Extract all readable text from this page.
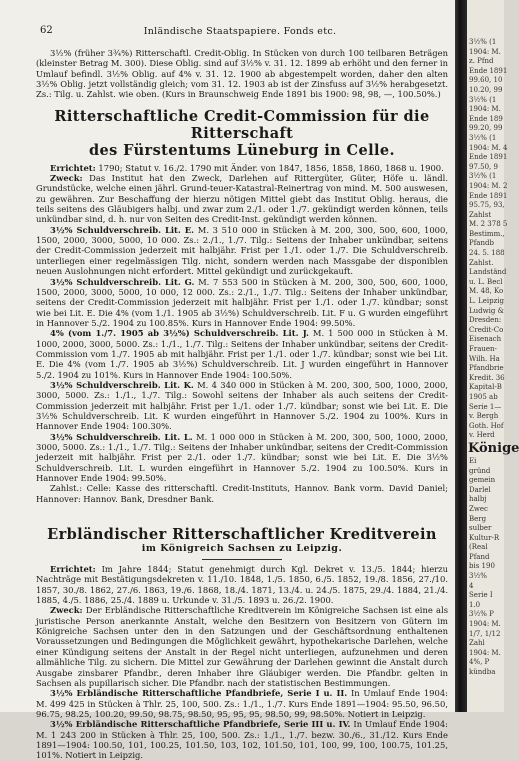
62	Inländische Staatspapiere. Fonds etc.

3½% (früher 3¾%) Ritterschaftl. Credit-Oblig. In Stücken von durch 100 teilbaren Beträgen (kleinster Betrag M. 300). Diese Oblig. sind auf 3½% v. 31. 12. 1899 ab erhöht und den ferner in Umlauf befindl. 3½% Oblig. auf 4% v. 31. 12. 1900 ab abgestempelt worden, daher den alten 3½% Oblig. jetzt vollständig gleich; vom 31. 12. 1903 ab ist der Zinsfuss auf 3½% herabgesetzt. Zs.: Tilg. u. Zahlst. wie oben. (Kurs in Braunschweig Ende 1891 bis 1900: 98, 98, —, 100.50%.)

Ritterschaftliche Credit-Commission für die Ritterschaft
des Fürstentums Lüneburg in Celle.

Errichtet: 1790; Statut v. 16./2. 1790 mit Änder. von 1847, 1856, 1858, 1860, 1868 u. 1900.

Zweck: Das Institut hat den Zweck, Darlehen auf Rittergüter, Güter, Höfe u. ländl. Grundstücke, welche einen jährl. Grund-teuer-Katastral-Reinertrag von mind. M. 500 auswesen, zu gewähren. Zur Beschaffung der hierzu nötigen Mittel giebt das Institut Oblig. heraus, die teils seitens des Gläubigers halbj. und zwar zum 2./1. oder 1./7. gekündigt werden können, teils unkündbar sind, d. h. nur von Seiten des Credit-Inst. gekündigt werden können.

3½% Schuldverschreib. Lit. E. M. 3 510 000 in Stücken à M. 200, 300, 500, 600, 1000, 1500, 2000, 3000, 5000, 10 000. Zs.: 2./1., 1./7. Tilg.: Seitens der Inhaber unkündbar, seitens der Credit-Commission jederzeit mit halbjähr. Frist per 1./1. oder 1./7. Die Schuldverschreib. unterliegen einer regelmässigen Tilg. nicht, sondern werden nach Massgabe der disponiblen neuen Auslohnungen nicht erfordert. Mittel gekündigt und zurückgekauft.

3½% Schuldverschreib. Lit. G. M. 7 553 500 in Stücken à M. 200, 300, 500, 600, 1000, 1500, 2000, 3000, 5000, 10 000, 12 000. Zs.: 2./1., 1./7. Tilg.: Seitens der Inhaber unkündbar, seitens der Credit-Commission jederzeit mit halbjähr. Frist per 1./1. oder 1./7. kündbar; sonst wie bei Lit. E. Die 4% (vom 1./1. 1905 ab 3½%) Schuldverschreib. Lit. F u. G wurden eingeführt in Hannover 5./2. 1904 zu 100.85%. Kurs in Hannover Ende 1904: 99.50%.

4% (vom 1./7. 1905 ab 3½%) Schuldverschreib. Lit. J. M. 1 500 000 in Stücken à M. 1000, 2000, 3000, 5000. Zs.: 1./1., 1./7. Tilg.: Seitens der Inhaber unkündbar, seitens der Credit-Commission vom 1./7. 1905 ab mit halbjähr. Frist per 1./1. oder 1./7. kündbar; sonst wie bei Lit. E. Die 4% (vom 1./7. 1905 ab 3½%) Schuldverschreib. Lit. J wurden eingeführt in Hannover 5./2. 1904 zu 101%. Kurs in Hannover Ende 1904: 100.50%.

3½% Schuldverschreib. Lit. K. M. 4 340 000 in Stücken à M. 200, 300, 500, 1000, 2000, 3000, 5000. Zs.: 1./1., 1./7. Tilg.: Sowohl seitens der Inhaber als auch seitens der Credit-Commission jederzeit mit halbjähr. Frist per 1./1. oder 1./7. kündbar; sonst wie bei Lit. E. Die 3½% Schuldverschreib. Lit. K wurden eingeführt in Hannover 5./2. 1904 zu 100%. Kurs in Hannover Ende 1904: 100.30%.

3½% Schuldverschreib. Lit. L. M. 1 000 000 in Stücken à M. 200, 300, 500, 1000, 2000, 3000, 5000. Zs.: 1./1., 1./7. Tilg.: Seitens der Inhaber unkündbar, seitens der Credit-Commission jederzeit mit halbjähr. Frist per 2./1. oder 1./7. kündbar; sonst wie bei Lit. E. Die 3½% Schuldverschreib. Lit. L wurden eingeführt in Hannover 5./2. 1904 zu 100.50%. Kurs in Hannover Ende 1904: 99.50%.

Zahlst.: Celle: Kasse des ritterschaftl. Credit-Instituts, Hannov. Bank vorm. David Daniel; Hannover: Hannov. Bank, Dresdner Bank.

Erbländischer Ritterschaftlicher Kreditverein
im Königreich Sachsen zu Leipzig.

Errichtet: Im Jahre 1844; Statut genehmigt durch Kgl. Dekret v. 13./5. 1844; hierzu Nachträge mit Bestätigungsdekreten v. 11./10. 1848, 1./5. 1850, 6./5. 1852, 19./8. 1856, 27./10. 1857, 30./8. 1862, 27./6. 1863, 19./6. 1868, 18./4. 1871, 13./4. u. 24./5. 1875, 29./4. 1884, 21./4. 1885, 4./5. 1886, 25./4. 1889 u. Urkunde v. 31./5. 1893 u. 26./2. 1900.

Zweck: Der Erbländische Ritterschaftliche Kreditverein im Königreiche Sachsen ist eine als juristische Person anerkannte Anstalt, welche den Besitzern von Besitzern von Gütern im Königreiche Sachsen unter den in den Satzungen und der Geschäftsordnung enthaltenen Voraussetzungen und Bedingungen die Möglichkeit gewährt, hypothekarische Darlehen, welche einer Kündigung seitens der Anstalt in der Regel nicht unterliegen, aufzunehmen und deren allmähliche Tilg. zu sichern. Die Mittel zur Gewährung der Darlehen gewinnt die Anstalt durch Ausgabe zinsbarer Pfandbr., deren Inhaber ihre Gläubiger werden. Die Pfandbr. gelten in Sachsen als pupillarisch sicher. Die Pfandbr. nach der statistischen Bestimmungen.

3½% Erbländische Ritterschaftliche Pfandbriefe, Serie I u. II. In Umlauf Ende 1904: M. 499 425 in Stücken à Thlr. 25, 100, 500. Zs.: 1./1., 1./7. Kurs Ende 1891—1904: 95.50, 96.50, 96.75, 98.25, 100.20, 99.50, 98.75, 98.50, 95, 95, 95, 98.50, 99, 98.50%. Notiert in Leipzig.

3½% Erbländische Ritterschaftliche Pfandbriefe, Serie III u. IV. In Umlauf Ende 1904: M. 1 243 200 in Stücken à Thlr. 25, 100, 500. Zs.: 1./1., 1./7. bezw. 30./6., 31./12. Kurs Ende 1891—1904: 100.50, 101, 100.25, 101.50, 103, 102, 101.50, 101, 100, 99, 100, 100.75, 101.25, 101%. Notiert in Leipzig.

3½% (1
1904: M.
z. Pfnd
Ende 1891
99.60, 10
10.20, 99
3½% (1
1904: M.
Ende 189
99.20, 99
3½% (1
1904: M. 4
Ende 1891
97.50, 9
3½% (1
1904: M. 2
Ende 1891
95.75, 93,
Zahlst
M. 2 378 5
Bestimm.,
Pfandb
24. 5. 188
Zahlst.
Landständ
u. L. Becl
M. 48, Ko
L. Leipzig
Ludwig &
Dresden:
Credit-Co
Eisenach
Frauen-
Wilh. Ha
Pfandbrie
Kredit. 36
Kapital-B
1905 ab
Serie 1—
v. Bergh
Goth. Hof
v. Herd
Könige
Ei
gründ
gemein
Darlel
halbj
Zwec
Berg
sulber
Kultur-R
(Real
Pfand
bis 190
3½%
4
Serie I
1.0
3½% P
1904: M.
1/7, 1/12
Zahl
1904: M.
4%, P
kündba
